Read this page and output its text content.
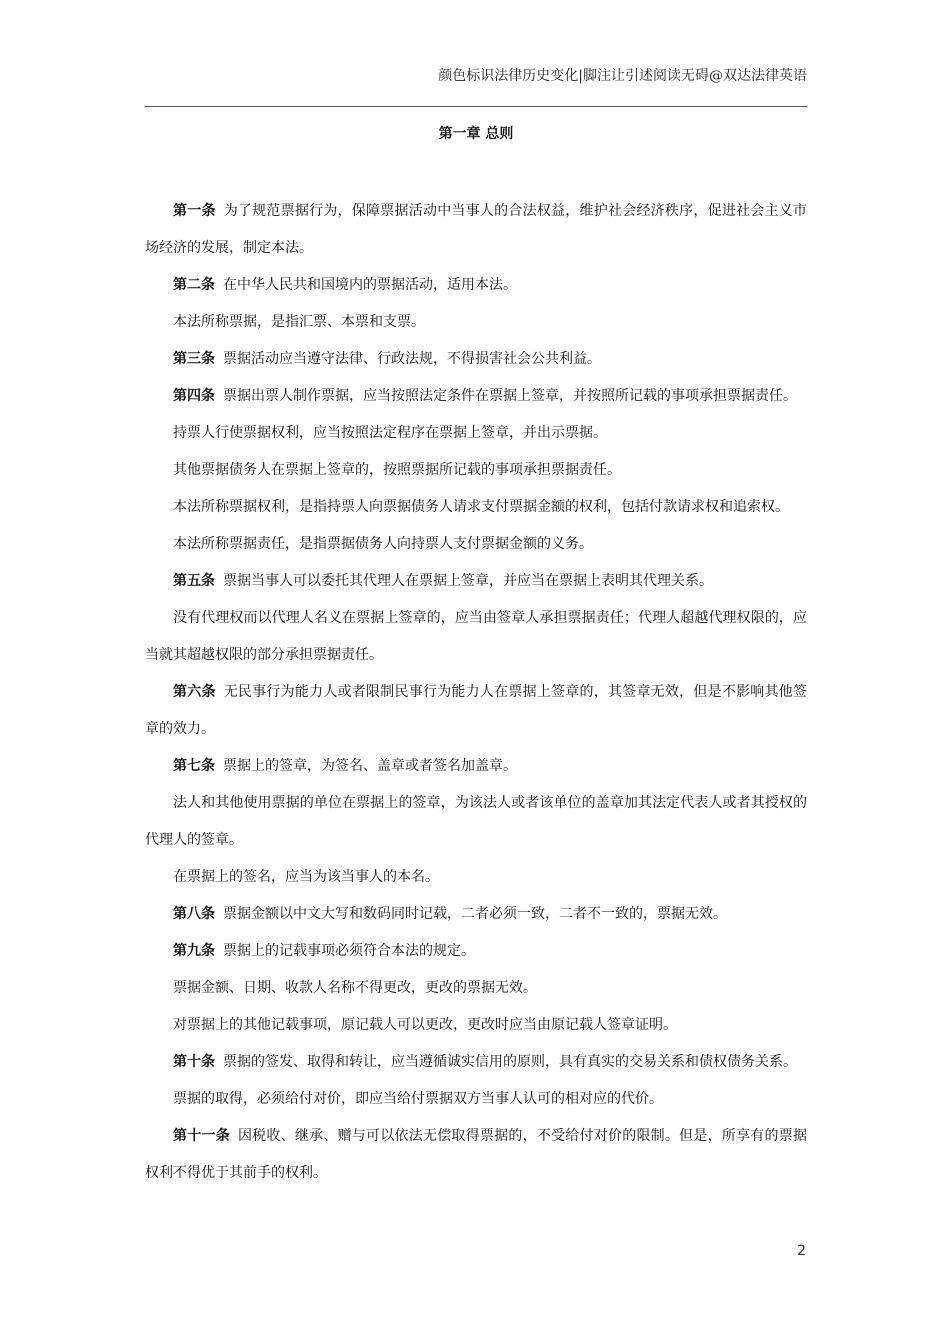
颜色标识法律历史变化|脚注让引述阅读无碍@双达法律英语
第一章 总则

第一条 为了规范票据行为，保障票据活动中当事人的合法权益，维护社会经济秩序，促进社会主义市场经济的发展，制定本法。

第二条 在中华人民共和国境内的票据活动，适用本法。

本法所称票据，是指汇票、本票和支票。

第三条 票据活动应当遵守法律、行政法规，不得损害社会公共利益。

第四条 票据出票人制作票据，应当按照法定条件在票据上签章，并按照所记载的事项承担票据责任。

持票人行使票据权利，应当按照法定程序在票据上签章，并出示票据。

其他票据债务人在票据上签章的，按照票据所记载的事项承担票据责任。

本法所称票据权利，是指持票人向票据债务人请求支付票据金额的权利，包括付款请求权和追索权。

本法所称票据责任，是指票据债务人向持票人支付票据金额的义务。

第五条 票据当事人可以委托其代理人在票据上签章，并应当在票据上表明其代理关系。

没有代理权而以代理人名义在票据上签章的，应当由签章人承担票据责任；代理人超越代理权限的，应当就其超越权限的部分承担票据责任。

第六条 无民事行为能力人或者限制民事行为能力人在票据上签章的，其签章无效，但是不影响其他签章的效力。

第七条 票据上的签章，为签名、盖章或者签名加盖章。

法人和其他使用票据的单位在票据上的签章，为该法人或者该单位的盖章加其法定代表人或者其授权的代理人的签章。

在票据上的签名，应当为该当事人的本名。

第八条 票据金额以中文大写和数码同时记载，二者必须一致，二者不一致的，票据无效。

第九条 票据上的记载事项必须符合本法的规定。

票据金额、日期、收款人名称不得更改，更改的票据无效。

对票据上的其他记载事项，原记载人可以更改，更改时应当由原记载人签章证明。

第十条 票据的签发、取得和转让，应当遵循诚实信用的原则，具有真实的交易关系和债权债务关系。

票据的取得，必须给付对价，即应当给付票据双方当事人认可的相对应的代价。

第十一条 因税收、继承、赠与可以依法无偿取得票据的，不受给付对价的限制。但是，所享有的票据权利不得优于其前手的权利。

2
